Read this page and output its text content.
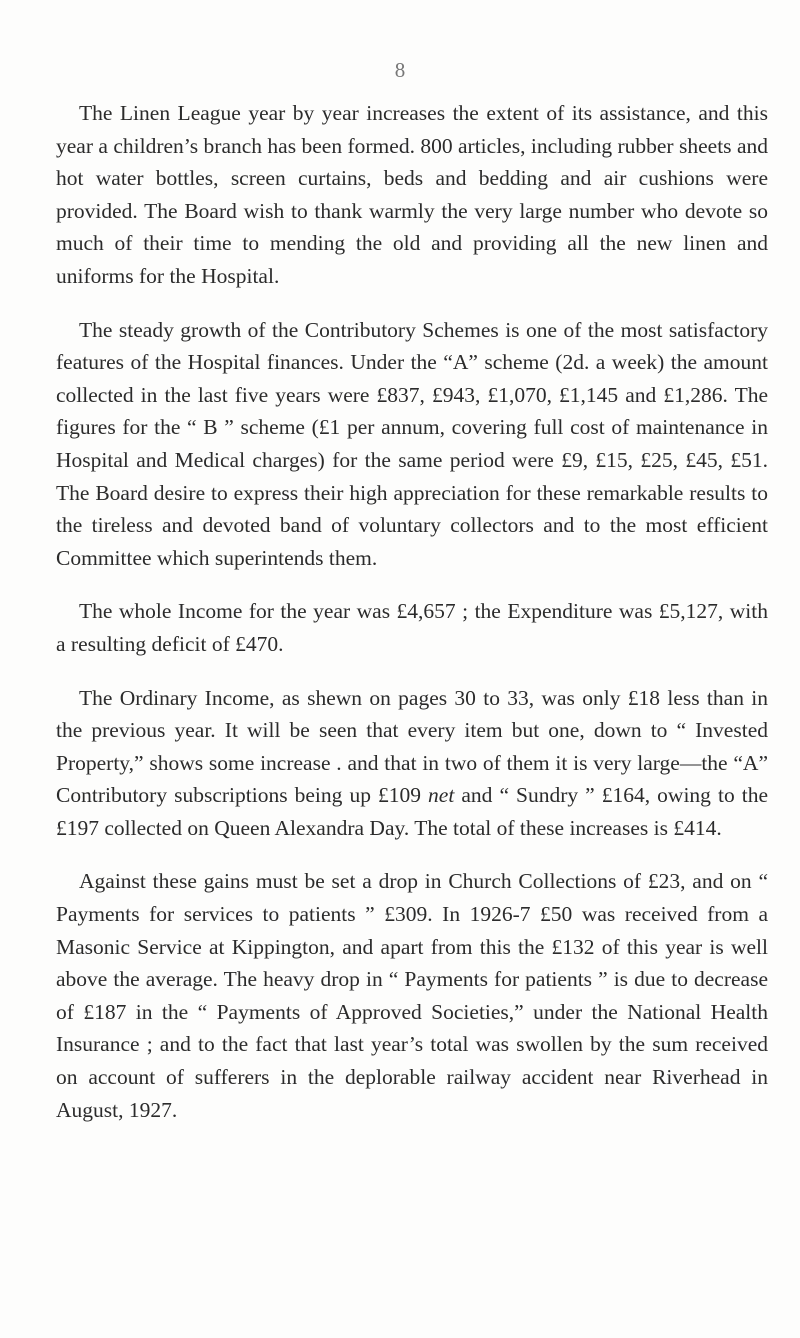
8

The Linen League year by year increases the extent of its assistance, and this year a children’s branch has been formed. 800 articles, including rubber sheets and hot water bottles, screen curtains, beds and bedding and air cushions were provided. The Board wish to thank warmly the very large number who devote so much of their time to mending the old and providing all the new linen and uniforms for the Hospital.

The steady growth of the Contributory Schemes is one of the most satisfactory features of the Hospital finances. Under the “A” scheme (2d. a week) the amount collected in the last five years were £837, £943, £1,070, £1,145 and £1,286. The figures for the “ B ” scheme (£1 per annum, covering full cost of maintenance in Hospital and Medical charges) for the same period were £9, £15, £25, £45, £51. The Board desire to express their high appreciation for these remarkable results to the tireless and devoted band of voluntary collectors and to the most efficient Committee which superintends them.

The whole Income for the year was £4,657 ; the Expenditure was £5,127, with a resulting deficit of £470.

The Ordinary Income, as shewn on pages 30 to 33, was only £18 less than in the previous year. It will be seen that every item but one, down to “ Invested Property,” shows some increase . and that in two of them it is very large—the “A” Contributory subscriptions being up £109 net and “ Sundry ” £164, owing to the £197 collected on Queen Alexandra Day. The total of these increases is £414.

Against these gains must be set a drop in Church Collections of £23, and on “ Payments for services to patients ” £309. In 1926-7 £50 was received from a Masonic Service at Kippington, and apart from this the £132 of this year is well above the average. The heavy drop in “ Payments for patients ” is due to decrease of £187 in the “ Payments of Approved Societies,” under the National Health Insurance ; and to the fact that last year’s total was swollen by the sum received on account of sufferers in the deplorable railway accident near Riverhead in August, 1927.
